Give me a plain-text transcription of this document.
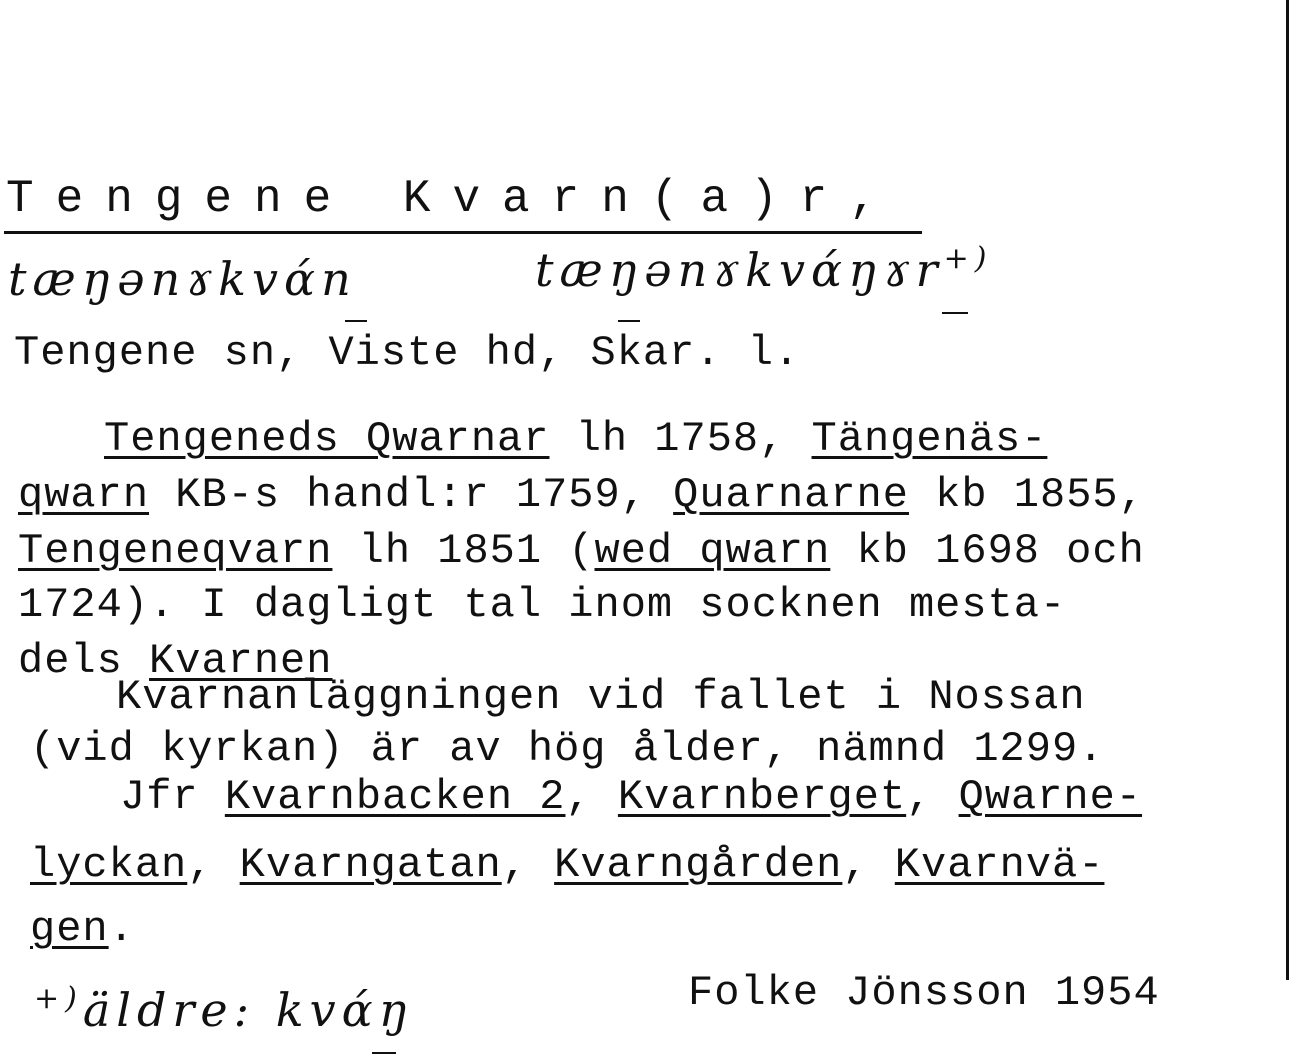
Tengene Kvarn(a)r,
tæŋənɤkvɑ́n	tæŋənɤkvɑ́ŋɤr+)
Tengene sn, Viste hd, Skar. l.
Tengeneds Qwarnar lh 1758, Tängenäs-
qwarn KB-s handl:r 1759, Quarnarne kb 1855,
Tengeneqvarn lh 1851 (wed qwarn kb 1698 och
1724). I dagligt tal inom socknen mesta-
dels Kvarnen
Kvarnanläggningen vid fallet i Nossan
(vid kyrkan) är av hög ålder, nämnd 1299.
Jfr Kvarnbacken 2, Kvarnberget, Qwarne-
lyckan, Kvarngatan, Kvarngården, Kvarnvä-
gen.
+)äldre: kvɑ́ŋ	Folke Jönsson 1954
